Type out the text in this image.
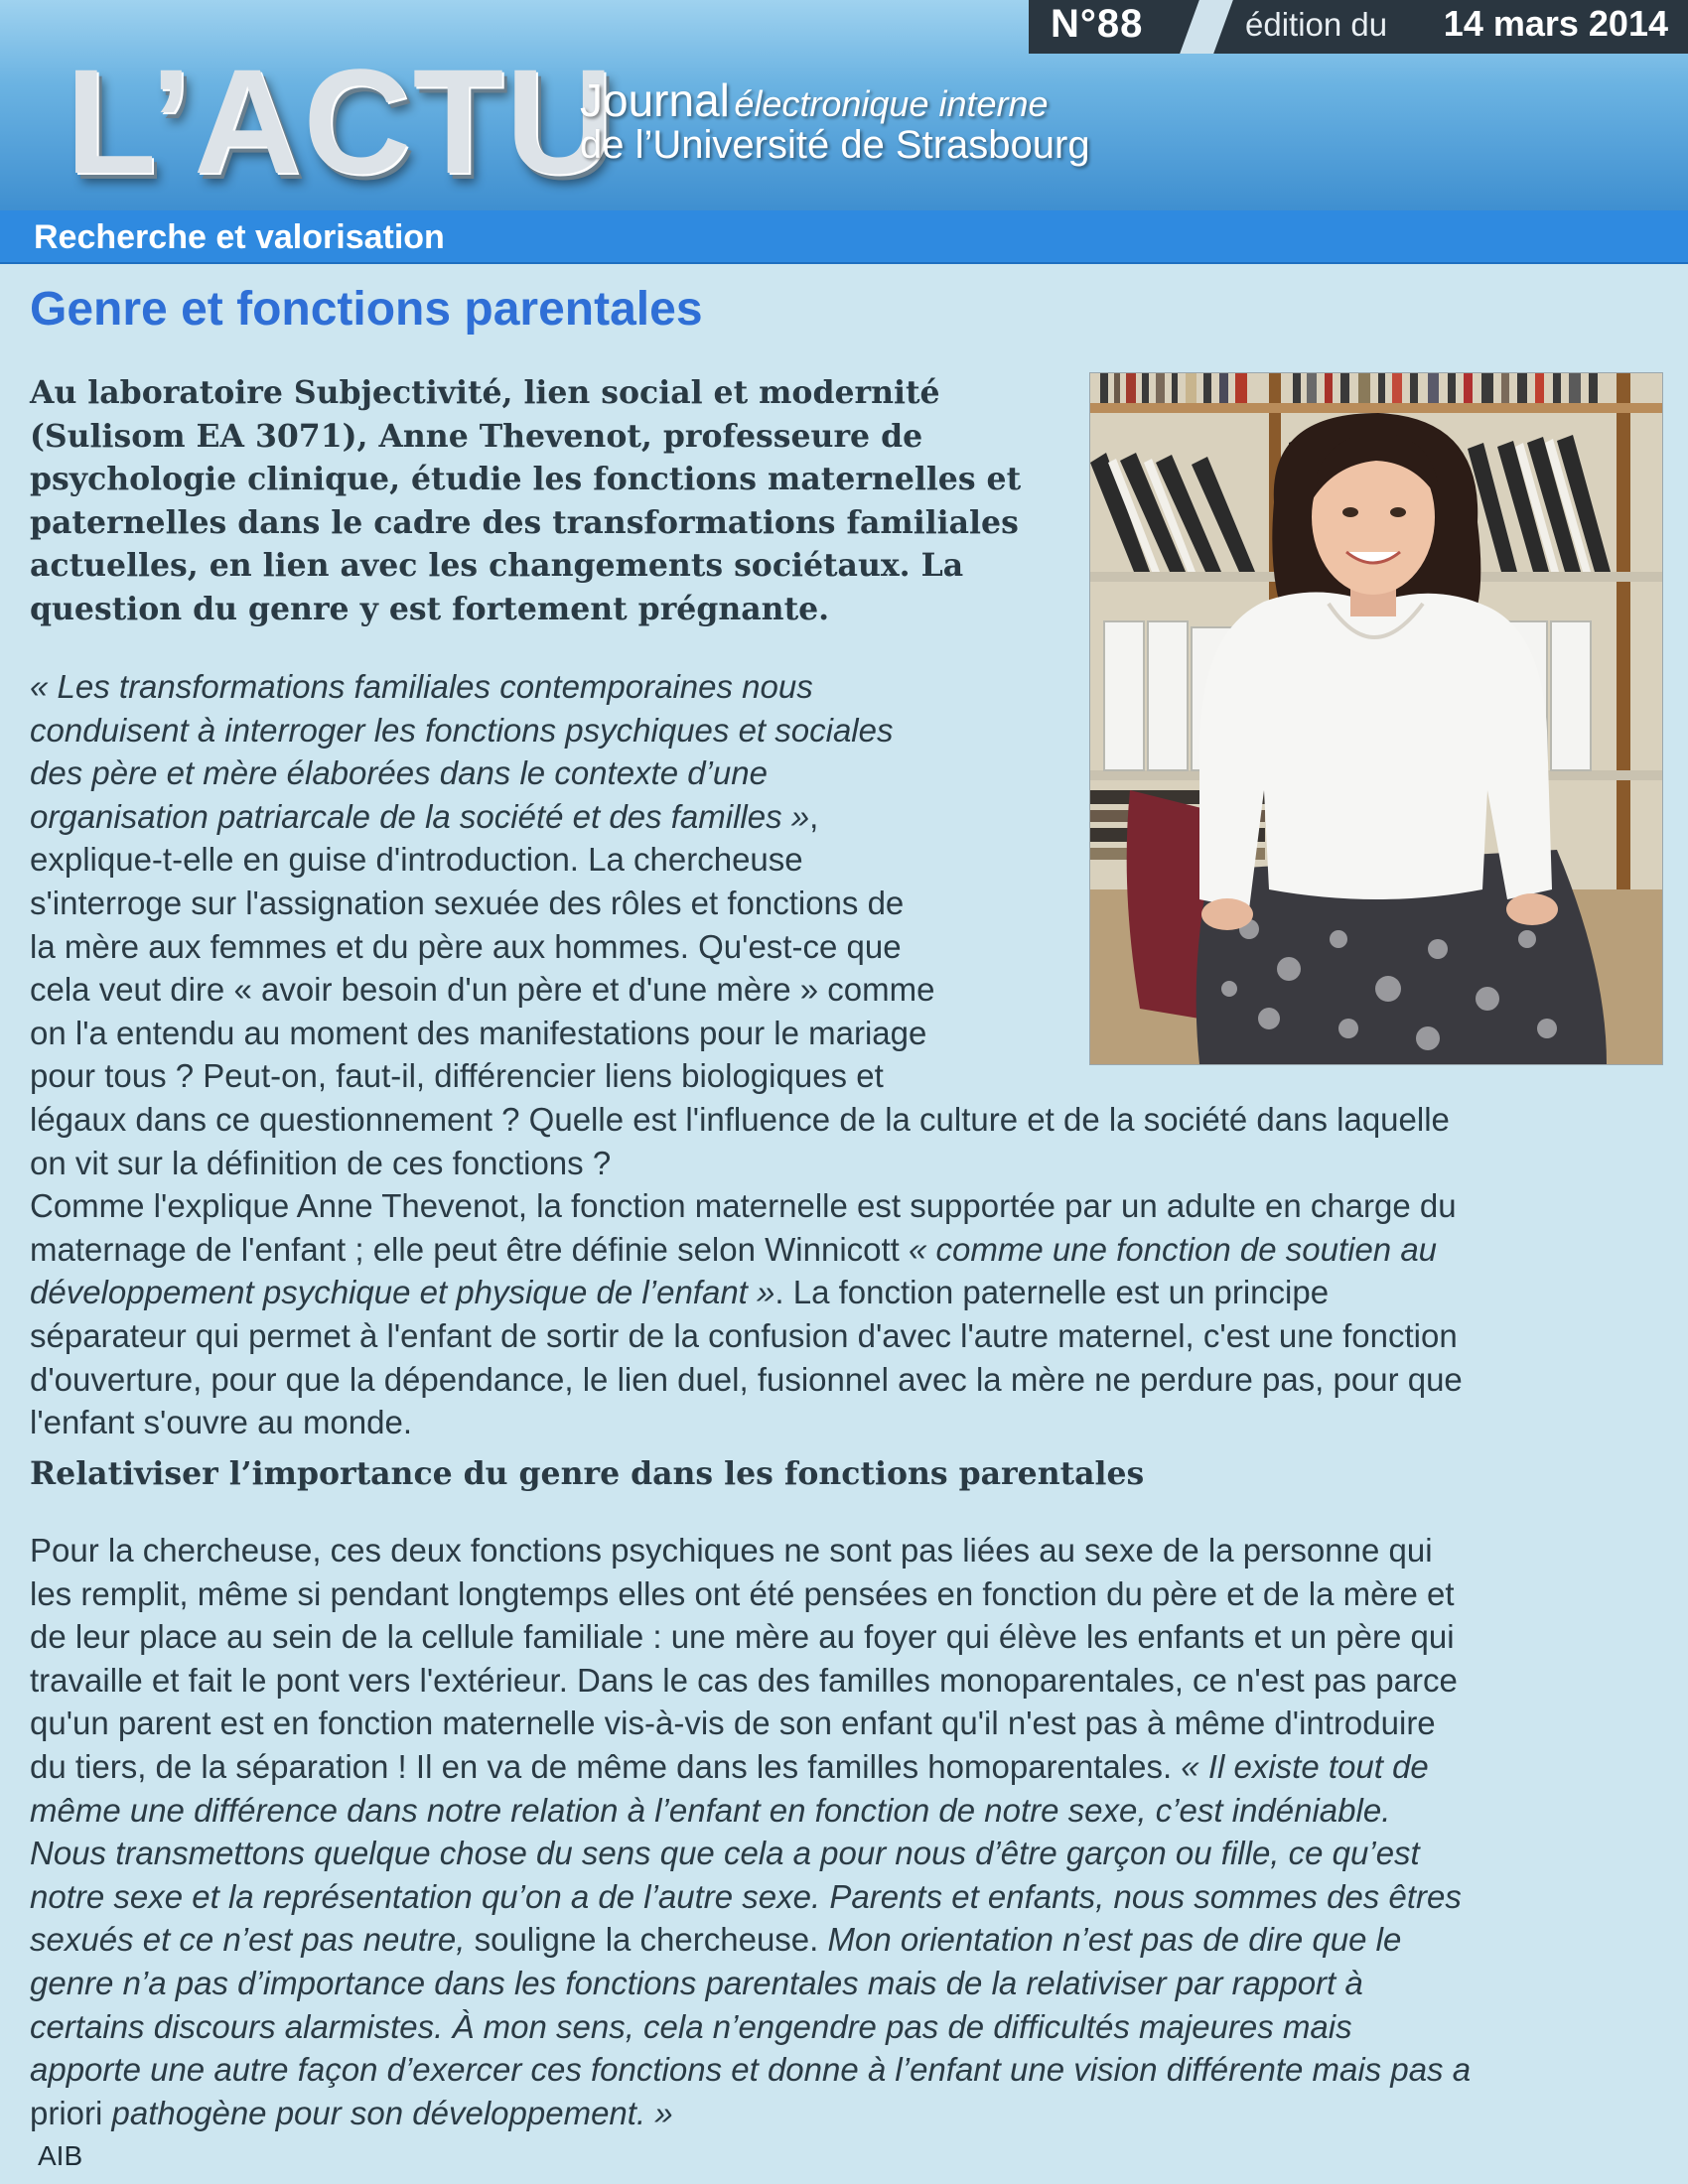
N°88	édition du 14 mars 2014
L’ACTU
Journal électronique interne
de l’Université de Strasbourg
Recherche et valorisation
Genre et fonctions parentales

Au laboratoire Subjectivité, lien social et modernité (Sulisom EA 3071), Anne Thevenot, professeure de psychologie clinique, étudie les fonctions maternelles et paternelles dans le cadre des transformations familiales actuelles, en lien avec les changements sociétaux. La question du genre y est fortement prégnante.

« Les transformations familiales contemporaines nous
conduisent à interroger les fonctions psychiques et sociales
des père et mère élaborées dans le contexte d’une
organisation patriarcale de la société et des familles »,
explique-t-elle en guise d'introduction. La chercheuse
s'interroge sur l'assignation sexuée des rôles et fonctions de
la mère aux femmes et du père aux hommes. Qu'est-ce que
cela veut dire « avoir besoin d'un père et d'une mère » comme
on l'a entendu au moment des manifestations pour le mariage
pour tous ? Peut-on, faut-il, différencier liens biologiques et
légaux dans ce questionnement ? Quelle est l'influence de la culture et de la société dans laquelle
on vit sur la définition de ces fonctions ?
Comme l'explique Anne Thevenot, la fonction maternelle est supportée par un adulte en charge du
maternage de l'enfant ; elle peut être définie selon Winnicott « comme une fonction de soutien au
développement psychique et physique de l’enfant ». La fonction paternelle est un principe
séparateur qui permet à l'enfant de sortir de la confusion d'avec l'autre maternel, c'est une fonction
d'ouverture, pour que la dépendance, le lien duel, fusionnel avec la mère ne perdure pas, pour que
l'enfant s'ouvre au monde.
Relativiser l’importance du genre dans les fonctions parentales
Pour la chercheuse, ces deux fonctions psychiques ne sont pas liées au sexe de la personne qui
les remplit, même si pendant longtemps elles ont été pensées en fonction du père et de la mère et
de leur place au sein de la cellule familiale : une mère au foyer qui élève les enfants et un père qui
travaille et fait le pont vers l'extérieur. Dans le cas des familles monoparentales, ce n'est pas parce
qu'un parent est en fonction maternelle vis-à-vis de son enfant qu'il n'est pas à même d'introduire
du tiers, de la séparation ! Il en va de même dans les familles homoparentales. « Il existe tout de
même une différence dans notre relation à l’enfant en fonction de notre sexe, c’est indéniable.
Nous transmettons quelque chose du sens que cela a pour nous d’être garçon ou fille, ce qu’est
notre sexe et la représentation qu’on a de l’autre sexe. Parents et enfants, nous sommes des êtres
sexués et ce n’est pas neutre, souligne la chercheuse. Mon orientation n’est pas de dire que le
genre n’a pas d’importance dans les fonctions parentales mais de la relativiser par rapport à
certains discours alarmistes. À mon sens, cela n’engendre pas de difficultés majeures mais
apporte une autre façon d’exercer ces fonctions et donne à l’enfant une vision différente mais pas a
priori pathogène pour son développement. »
AIB
